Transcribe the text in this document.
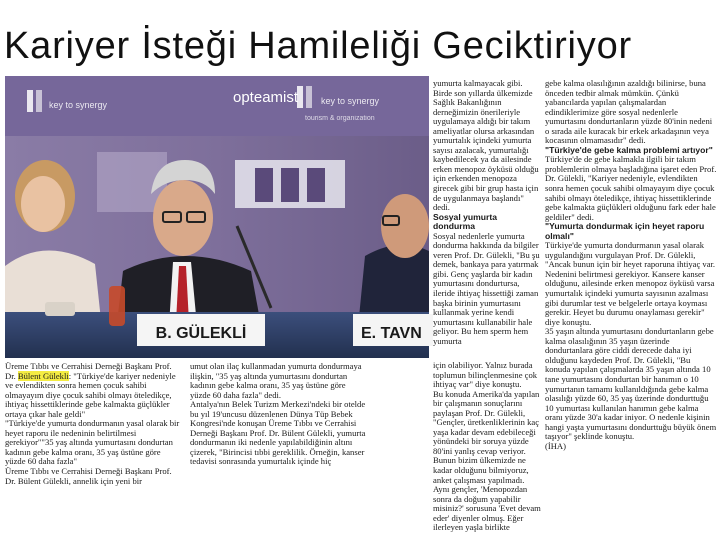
Kariyer İsteği Hamileliği Geciktiriyor
key to synergy	opteamist	key to synergy
tourism & organization
B. GÜLEKLİ	E. TAVN

Üreme Tıbbı ve Cerrahisi Derneği Başkanı Prof. Dr. Bülent Gülekli: "Türkiye'de kariyer nedeniyle ve evlendikten sonra hemen çocuk sahibi olmayayım diye çocuk sahibi olmayı öteledikçe, ihtiyaç hissettiklerinde gebe kalmakta güçlükler ortaya çıkar hale geldi"

"Türkiye'de yumurta dondurmanın yasal olarak bir heyet raporu ile nedeninin belirtilmesi gerekiyor""35 yaş altında yumurtasını dondurtan kadının gebe kalma oranı, 35 yaş üstüne göre yüzde 60 daha fazla"

Üreme Tıbbı ve Cerrahisi Derneği Başkanı Prof. Dr. Bülent Gülekli, annelik için yeni bir

umut olan ilaç kullanmadan yumurta dondurmaya ilişkin, "35 yaş altında yumurtasını dondurtan kadının gebe kalma oranı, 35 yaş üstüne göre yüzde 60 daha fazla" dedi.

Antalya'nın Belek Turizm Merkezi'ndeki bir otelde bu yıl 19'uncusu düzenlenen Dünya Tüp Bebek Kongresi'nde konuşan Üreme Tıbbı ve Cerrahisi Derneği Başkanı Prof. Dr. Bülent Gülekli, yumurta dondurmanın iki nedenle yapılabildiğinin altını çizerek, "Birincisi tıbbi gereklilik. Örneğin, kanser tedavisi sonrasında yumurtalık içinde hiç

yumurta kalmayacak gibi. Birde son yıllarda ülkemizde Sağlık Bakanlığının derneğimizin önerileriyle uygulamaya aldığı bir takım ameliyatlar olursa arkasından yumurtalık içindeki yumurta sayısı azalacak, yumurtalığı kaybedilecek ya da ailesinde erken menopoz öyküsü olduğu için erkenden menopoza girecek gibi bir grup hasta için de uygulanmaya başlandı" dedi.

Sosyal yumurta dondurma

Sosyal nedenlerle yumurta dondurma hakkında da bilgiler veren Prof. Dr. Gülekli, "Bu şu demek, bankaya para yatırmak gibi. Genç yaşlarda bir kadın yumurtasını dondurtursa, ileride ihtiyaç hissettiği zaman başka birinin yumurtasını kullanmak yerine kendi yumurtasını kullanabilir hale geliyor. Bu hem sperm hem yumurta

için olabiliyor. Yalnız burada toplumun bilinçlenmesine çok ihtiyaç var" diye konuştu.

Bu konuda Amerika'da yapılan bir çalışmanın sonuçlarını paylaşan Prof. Dr. Gülekli, "Gençler, üretkenliklerinin kaç yaşa kadar devam edebileceği yönündeki bir soruya yüzde 80'ini yanlış cevap veriyor. Bunun bizim ülkemizde ne kadar olduğunu bilmiyoruz, anket çalışması yapılmadı. Aynı gençler, 'Menopozdan sonra da doğum yapabilir misiniz?' sorusuna 'Evet devam eder' diyenler olmuş. Eğer ilerleyen yaşla birlikte

gebe kalma olasılığının azaldığı bilinirse, buna önceden tedbir almak mümkün. Çünkü yabancılarda yapılan çalışmalardan edindiklerimize göre sosyal nedenlerle yumurtasını dondurtanların yüzde 80'inin nedeni o sırada aile kuracak bir erkek arkadaşının veya kocasının olmamasıdır" dedi.

"Türkiye'de gebe kalma problemi artıyor"

Türkiye'de de gebe kalmakla ilgili bir takım problemlerin olmaya başladığına işaret eden Prof. Dr. Gülekli, "Kariyer nedeniyle, evlendikten sonra hemen çocuk sahibi olmayayım diye çocuk sahibi olmayı öteledikçe, ihtiyaç hissettiklerinde gebe kalmakta güçlükleri olduğunu fark eder hale geldiler" dedi.

"Yumurta dondurmak için heyet raporu olmalı"

Türkiye'de yumurta dondurmanın yasal olarak uygulandığını vurgulayan Prof. Dr. Gülekli, "Ancak bunun için bir heyet raporuna ihtiyaç var. Nedenini belirtmesi gerekiyor. Kansere kanser olduğunu, ailesinde erken menopoz öyküsü varsa yumurtalık içindeki yumurta sayısının azalması gibi durumlar test ve belgelerle ortaya koyması gerekir. Heyet bu durumu onaylaması gerekir" diye konuştu.

35 yaşın altında yumurtasını dondurtanların gebe kalma olasılığının 35 yaşın üzerinde dondurtanlara göre ciddi derecede daha iyi olduğunu kaydeden Prof. Dr. Gülekli, "Bu konuda yapılan çalışmalarda 35 yaşın altında 10 tane yumurtasını dondurtan bir hanımın o 10 yumurtanın tamamı kullanıldığında gebe kalma olasılığı yüzde 60, 35 yaş üzerinde dondurttuğu 10 yumurtası kullanılan hanımın gebe kalma oranı yüzde 30'a kadar iniyor. O nedenle kişinin hangi yaşta yumurtasını dondurttuğu büyük önem taşıyor" şeklinde konuştu.

(İHA)
